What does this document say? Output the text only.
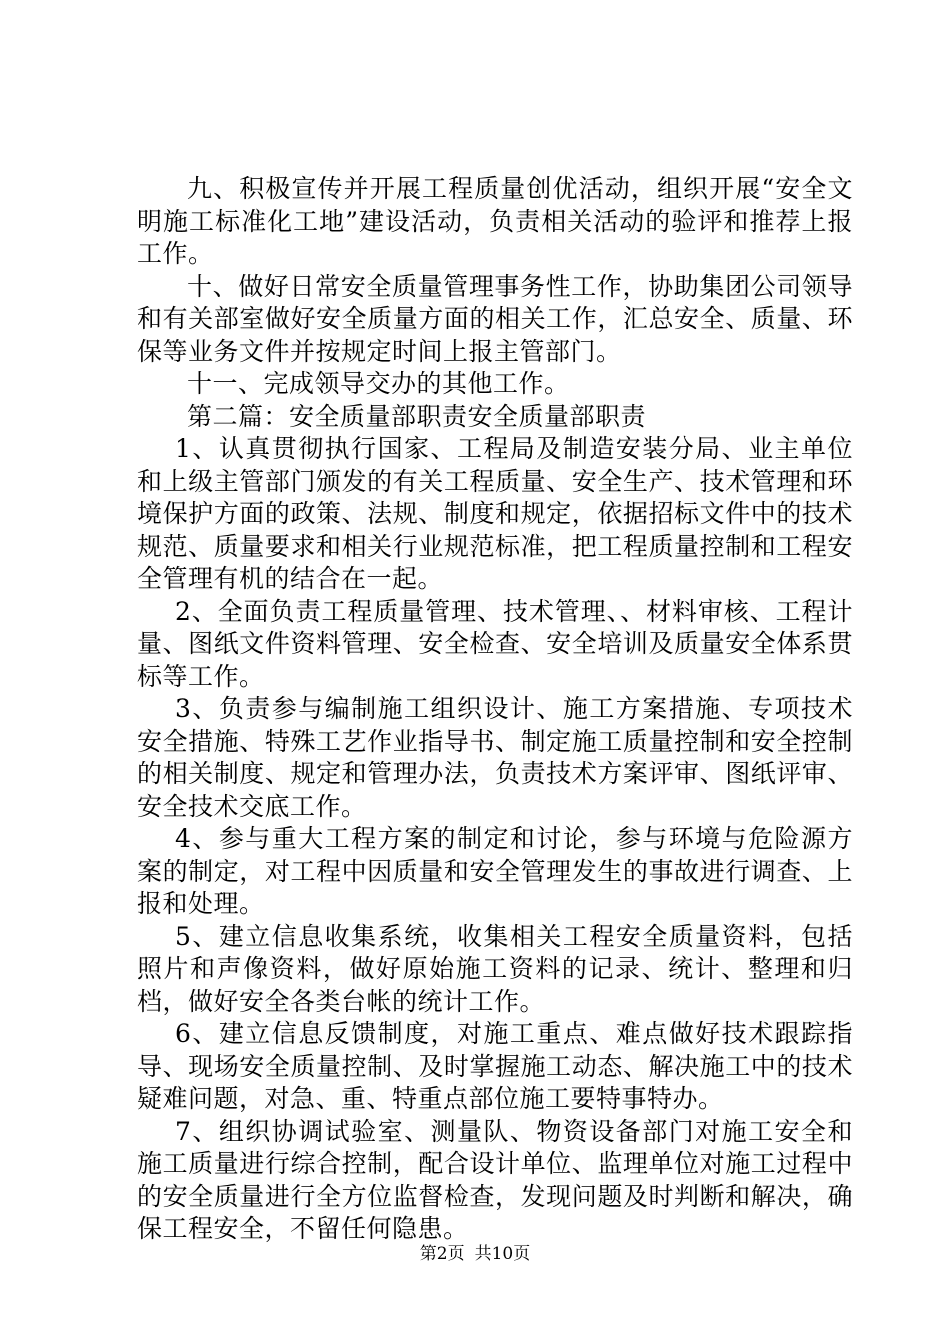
九、积极宣传并开展工程质量创优活动，组织开展“安全文明施工标准化工地”建设活动，负责相关活动的验评和推荐上报工作。

十、做好日常安全质量管理事务性工作，协助集团公司领导和有关部室做好安全质量方面的相关工作，汇总安全、质量、环保等业务文件并按规定时间上报主管部门。

十一、完成领导交办的其他工作。

第二篇：安全质量部职责安全质量部职责

1、认真贯彻执行国家、工程局及制造安装分局、业主单位和上级主管部门颁发的有关工程质量、安全生产、技术管理和环境保护方面的政策、法规、制度和规定，依据招标文件中的技术规范、质量要求和相关行业规范标准，把工程质量控制和工程安全管理有机的结合在一起。

2、全面负责工程质量管理、技术管理、、材料审核、工程计量、图纸文件资料管理、安全检查、安全培训及质量安全体系贯标等工作。

3、负责参与编制施工组织设计、施工方案措施、专项技术安全措施、特殊工艺作业指导书、制定施工质量控制和安全控制的相关制度、规定和管理办法，负责技术方案评审、图纸评审、安全技术交底工作。

4、参与重大工程方案的制定和讨论，参与环境与危险源方案的制定，对工程中因质量和安全管理发生的事故进行调查、上报和处理。

5、建立信息收集系统，收集相关工程安全质量资料，包括照片和声像资料，做好原始施工资料的记录、统计、整理和归档，做好安全各类台帐的统计工作。

6、建立信息反馈制度，对施工重点、难点做好技术跟踪指导、现场安全质量控制、及时掌握施工动态、解决施工中的技术疑难问题，对急、重、特重点部位施工要特事特办。

7、组织协调试验室、测量队、物资设备部门对施工安全和施工质量进行综合控制，配合设计单位、监理单位对施工过程中的安全质量进行全方位监督检查，发现问题及时判断和解决，确保工程安全，不留任何隐患。

第2页 共10页
